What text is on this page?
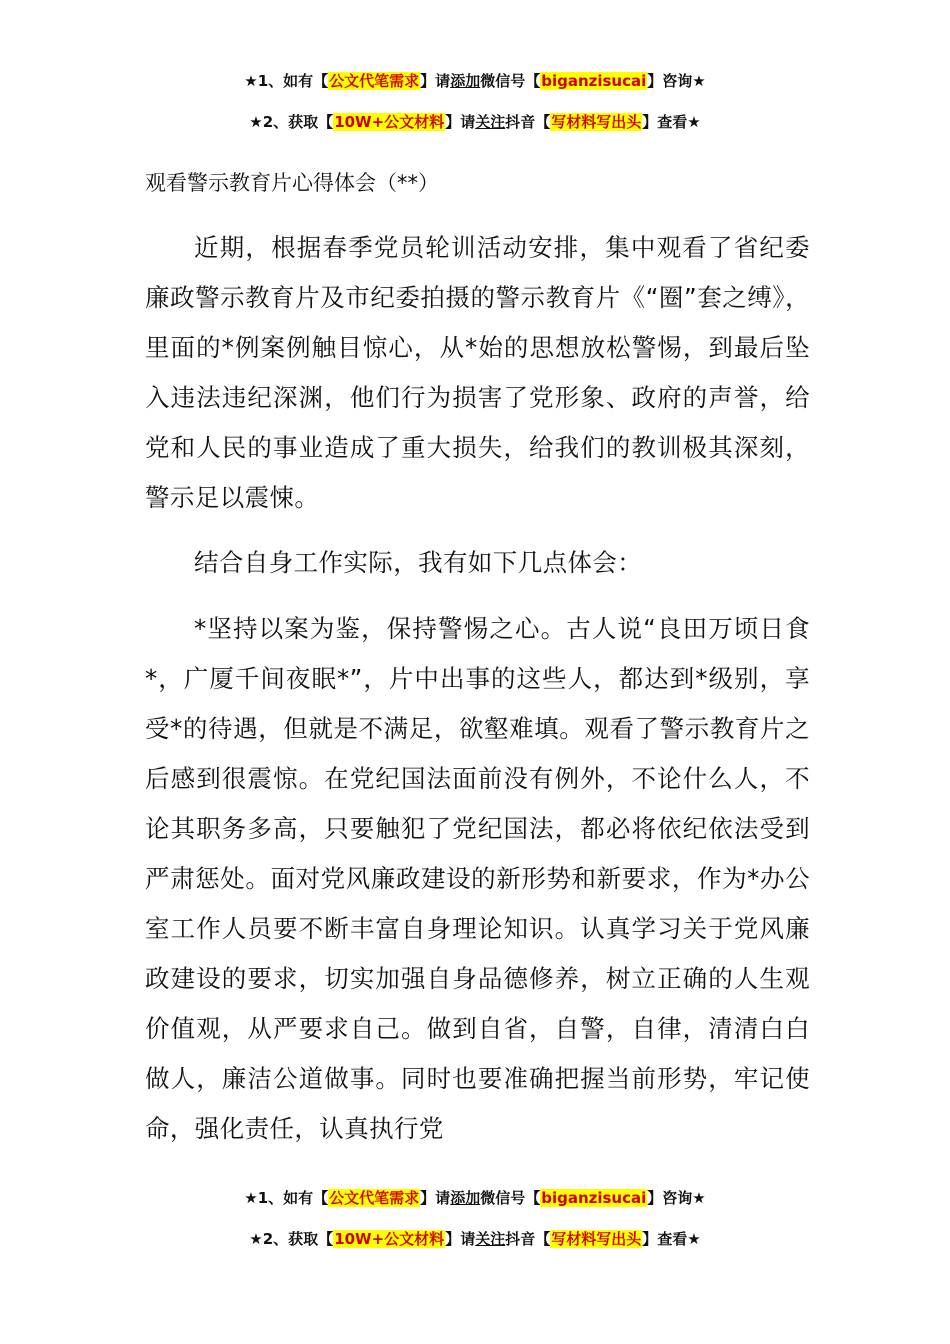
★1、如有【公文代笔需求】请添加微信号【biganzisucai】咨询★
★2、获取【10W+公文材料】请关注抖音【写材料写出头】查看★
观看警示教育片心得体会（**）

近期，根据春季党员轮训活动安排，集中观看了省纪委廉政警示教育片及市纪委拍摄的警示教育片《“圈”套之缚》，里面的*例案例触目惊心，从*始的思想放松警惕，到最后坠入违法违纪深渊，他们行为损害了党形象、政府的声誉，给党和人民的事业造成了重大损失，给我们的教训极其深刻，警示足以震悚。

结合自身工作实际，我有如下几点体会：

*坚持以案为鉴，保持警惕之心。古人说“良田万顷日食*，广厦千间夜眠*”，片中出事的这些人，都达到*级别，享受*的待遇，但就是不满足，欲壑难填。观看了警示教育片之后感到很震惊。在党纪国法面前没有例外，不论什么人，不论其职务多高，只要触犯了党纪国法，都必将依纪依法受到严肃惩处。面对党风廉政建设的新形势和新要求，作为*办公室工作人员要不断丰富自身理论知识。认真学习关于党风廉政建设的要求，切实加强自身品德修养，树立正确的人生观价值观，从严要求自己。做到自省，自警，自律，清清白白做人，廉洁公道做事。同时也要准确把握当前形势，牢记使命，强化责任，认真执行党

★1、如有【公文代笔需求】请添加微信号【biganzisucai】咨询★
★2、获取【10W+公文材料】请关注抖音【写材料写出头】查看★
